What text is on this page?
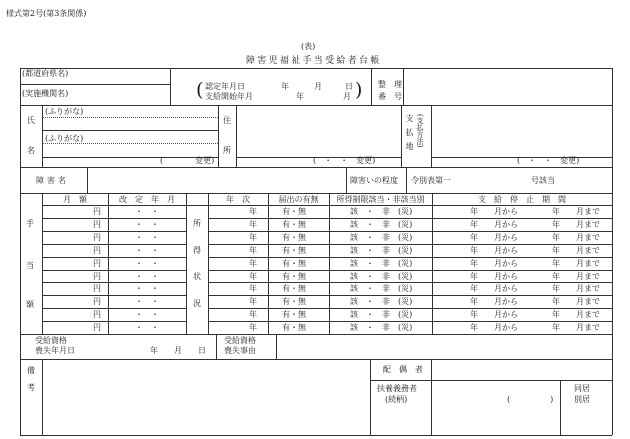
様式第2号(第3条関係)
(表)
障害児福祉手当受給者台帳
(都道府県名)
(実施機関名)	( 認定年月日
支給開始年月
年	月	日
年	月 ) 整　理
番　号
氏
名
(ふりがな)
(ふりがな)
(　　　　変更)
住
所
(　・　・　変更)
支払地 (支払方法)
(　・　・　変更)
障害名	障害いの程度 令別表第一	号該当
手
当
額
所
得
状
況
月　額	改　定　年　月	年　次	届出の有無	所得制限該当・非該当別	支　給　停　止　期　間
円	・　・	年	有・無	該　・　非　(災)	年　　月から	年　　月まで
円	・　・	年	有・無	該　・　非　(災)	年　　月から	年　　月まで
円	・　・	年	有・無	該　・　非　(災)	年　　月から	年　　月まで
円	・　・	年	有・無	該　・　非　(災)	年　　月から	年　　月まで
円	・　・	年	有・無	該　・　非　(災)	年　　月から	年　　月まで
円	・　・	年	有・無	該　・　非　(災)	年　　月から	年　　月まで
円	・　・	年	有・無	該　・　非　(災)	年　　月から	年　　月まで
円	・　・	年	有・無	該　・　非　(災)	年　　月から	年　　月まで
円	・　・	年	有・無	該　・　非　(災)	年　　月から	年　　月まで
円	・　・	年	有・無	該　・　非　(災)	年　　月から	年　　月まで
受給資格
喪失年月日	年　　月　　日
受給資格
喪失事由
備
考
配　偶　者
扶養義務者
(続柄)	(　　　　　)
同居
別居
